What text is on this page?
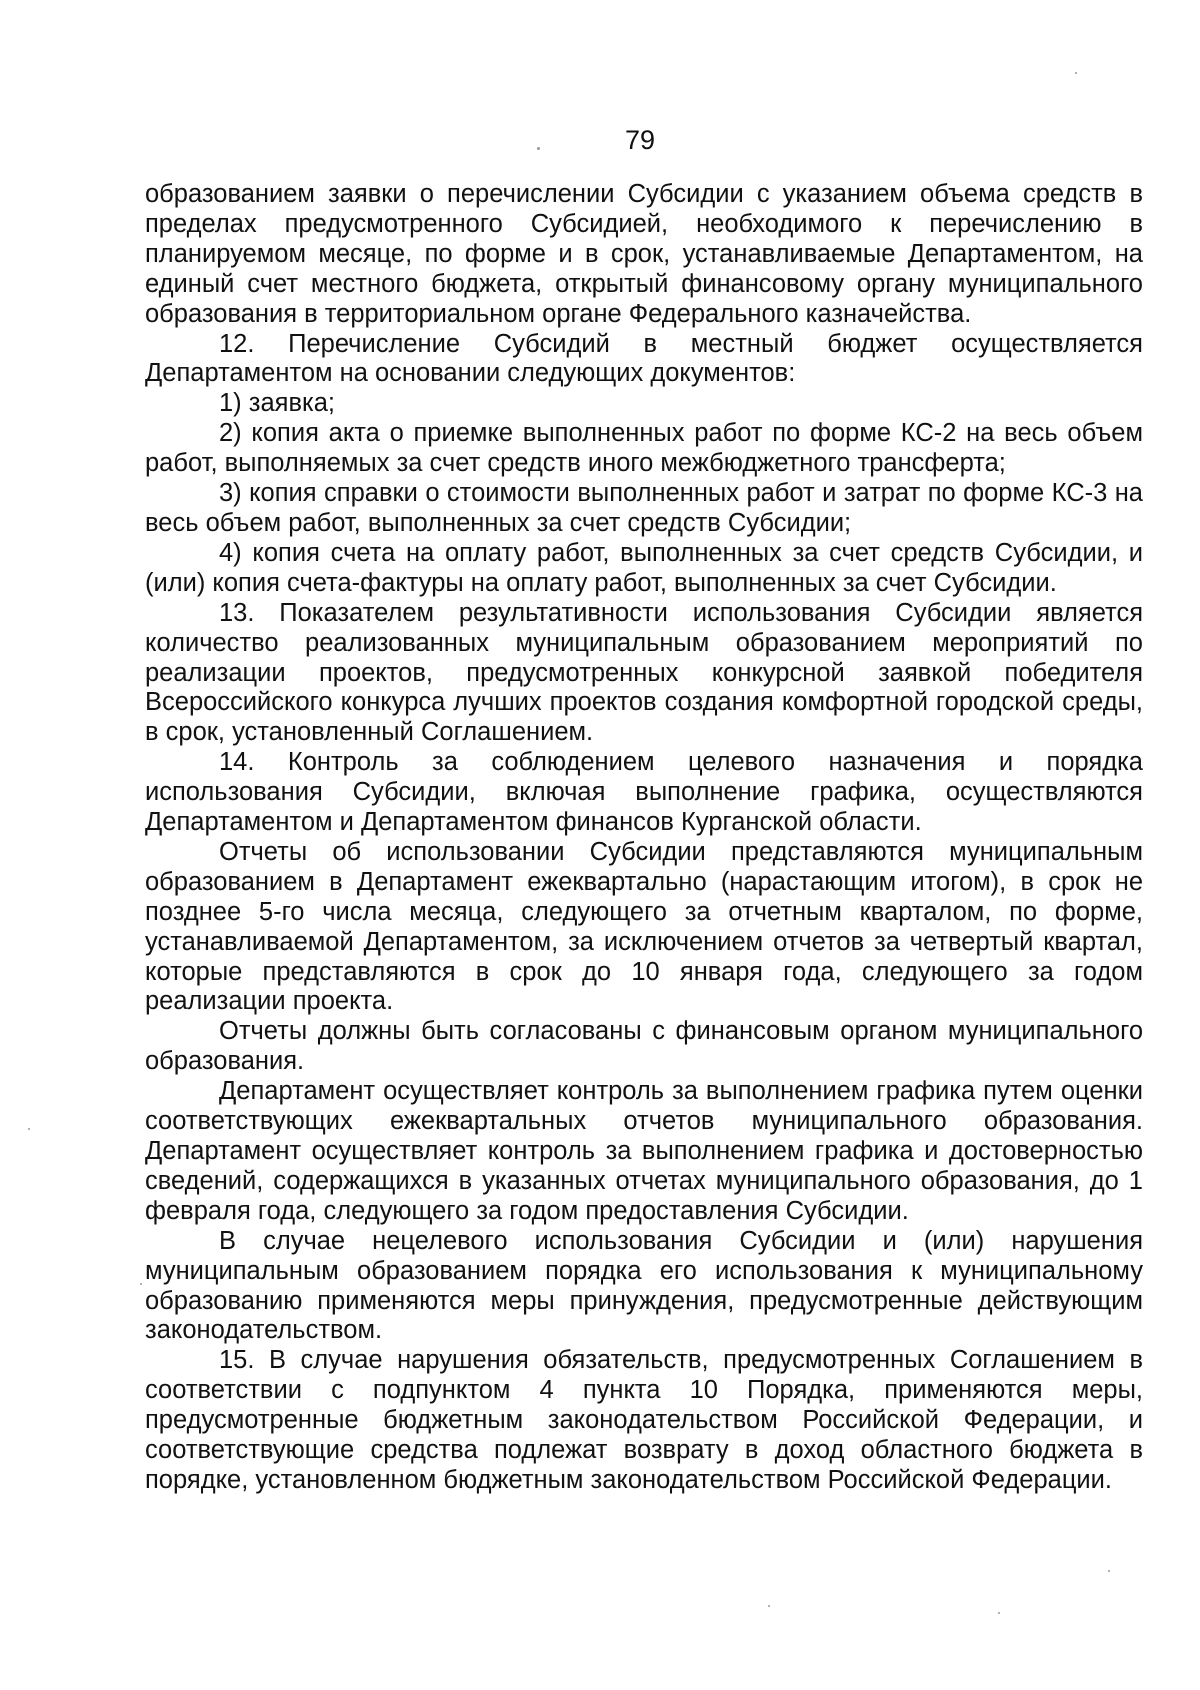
79

образованием заявки о перечислении Субсидии с указанием объема средств в пределах предусмотренного Субсидией, необходимого к перечислению в планируемом месяце, по форме и в срок, устанавливаемые Департаментом, на единый счет местного бюджета, открытый финансовому органу муниципального образования в территориальном органе Федерального казначейства.

12. Перечисление Субсидий в местный бюджет осуществляется Департаментом на основании следующих документов:

1) заявка;

2) копия акта о приемке выполненных работ по форме КС-2 на весь объем работ, выполняемых за счет средств иного межбюджетного трансферта;

3) копия справки о стоимости выполненных работ и затрат по форме КС-3 на весь объем работ, выполненных за счет средств Субсидии;

4) копия счета на оплату работ, выполненных за счет средств Субсидии, и (или) копия счета-фактуры на оплату работ, выполненных за счет Субсидии.

13. Показателем результативности использования Субсидии является количество реализованных муниципальным образованием мероприятий по реализации проектов, предусмотренных конкурсной заявкой победителя Всероссийского конкурса лучших проектов создания комфортной городской среды, в срок, установленный Соглашением.

14. Контроль за соблюдением целевого назначения и порядка использования Субсидии, включая выполнение графика, осуществляются Департаментом и Департаментом финансов Курганской области.

Отчеты об использовании Субсидии представляются муниципальным образованием в Департамент ежеквартально (нарастающим итогом), в срок не позднее 5-го числа месяца, следующего за отчетным кварталом, по форме, устанавливаемой Департаментом, за исключением отчетов за четвертый квартал, которые представляются в срок до 10 января года, следующего за годом реализации проекта.

Отчеты должны быть согласованы с финансовым органом муниципального образования.

Департамент осуществляет контроль за выполнением графика путем оценки соответствующих ежеквартальных отчетов муниципального образования. Департамент осуществляет контроль за выполнением графика и достоверностью сведений, содержащихся в указанных отчетах муниципального образования, до 1 февраля года, следующего за годом предоставления Субсидии.

В случае нецелевого использования Субсидии и (или) нарушения муниципальным образованием порядка его использования к муниципальному образованию применяются меры принуждения, предусмотренные действующим законодательством.

15. В случае нарушения обязательств, предусмотренных Соглашением в соответствии с подпунктом 4 пункта 10 Порядка, применяются меры, предусмотренные бюджетным законодательством Российской Федерации, и соответствующие средства подлежат возврату в доход областного бюджета в порядке, установленном бюджетным законодательством Российской Федерации.
